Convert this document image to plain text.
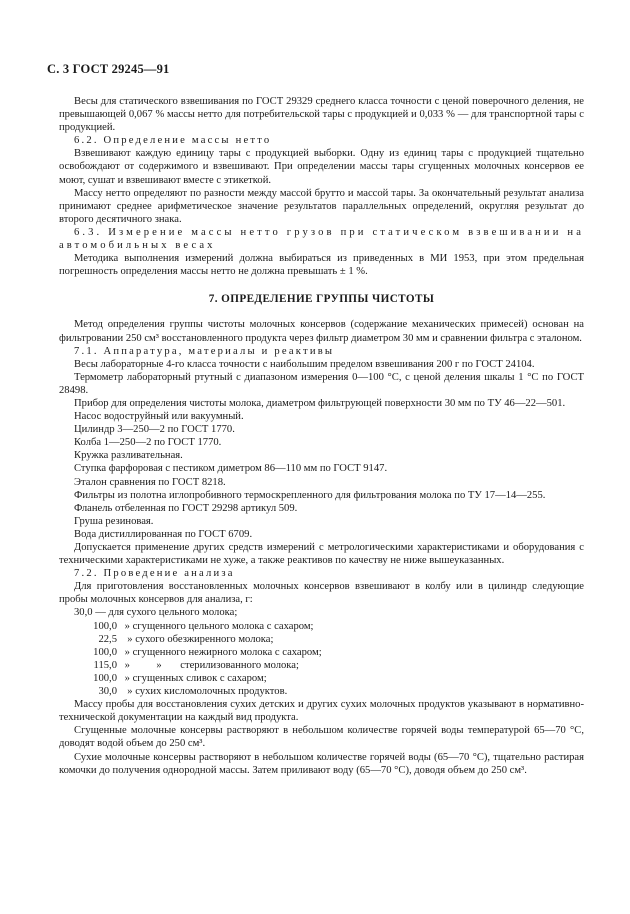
С. 3 ГОСТ 29245—91

Весы для статического взвешивания по ГОСТ 29329 среднего класса точности с ценой поверочного деления, не превышающей 0,067 % массы нетто для потребительской тары с продукцией и 0,033 % — для транспортной тары с продукцией.

6.2. Определение массы нетто

Взвешивают каждую единицу тары с продукцией выборки. Одну из единиц тары с продукцией тщательно освобождают от содержимого и взвешивают. При определении массы тары сгущенных молочных консервов ее моют, сушат и взвешивают вместе с этикеткой.

Массу нетто определяют по разности между массой брутто и массой тары. За окончательный результат анализа принимают среднее арифметическое значение результатов параллельных определений, округляя результат до второго десятичного знака.

6.3. Измерение массы нетто грузов при статическом взвешивании на автомобильных весах

Методика выполнения измерений должна выбираться из приведенных в МИ 1953, при этом предельная погрешность определения массы нетто не должна превышать ± 1 %.

7. ОПРЕДЕЛЕНИЕ ГРУППЫ ЧИСТОТЫ

Метод определения группы чистоты молочных консервов (содержание механических примесей) основан на фильтровании 250 см³ восстановленного продукта через фильтр диаметром 30 мм и сравнении фильтра с эталоном.

7.1. Аппаратура, материалы и реактивы

Весы лабораторные 4-го класса точности с наибольшим пределом взвешивания 200 г по ГОСТ 24104.

Термометр лабораторный ртутный с диапазоном измерения 0—100 °С, с ценой деления шкалы 1 °С по ГОСТ 28498.

Прибор для определения чистоты молока, диаметром фильтрующей поверхности 30 мм по ТУ 46—22—501.

Насос водоструйный или вакуумный.

Цилиндр 3—250—2 по ГОСТ 1770.

Колба 1—250—2 по ГОСТ 1770.

Кружка разливательная.

Ступка фарфоровая с пестиком диметром 86—110 мм по ГОСТ 9147.

Эталон сравнения по ГОСТ 8218.

Фильтры из полотна иглопробивного термоскрепленного для фильтрования молока по ТУ 17—14—255.

Фланель отбеленная по ГОСТ 29298 артикул 509.

Груша резиновая.

Вода дистиллированная по ГОСТ 6709.

Допускается применение других средств измерений с метрологическими характеристиками и оборудования с техническими характеристиками не хуже, а также реактивов по качеству не ниже вышеуказанных.

7.2. Проведение анализа

Для приготовления восстановленных молочных консервов взвешивают в колбу или в цилиндр следующие пробы молочных консервов для анализа, г:

30,0 — для сухого цельного молока;
100,0 » сгущенного цельного молока с сахаром;
22,5 » сухого обезжиренного молока;
100,0 » сгущенного нежирного молока с сахаром;
115,0 »          »       стерилизованного молока;
100,0 » сгущенных сливок с сахаром;
30,0 » сухих кисломолочных продуктов.

Массу пробы для восстановления сухих детских и других сухих молочных продуктов указывают в нормативно-технической документации на каждый вид продукта.

Сгущенные молочные консервы растворяют в небольшом количестве горячей воды температурой 65—70 °С, доводят водой объем до 250 см³.

Сухие молочные консервы растворяют в небольшом количестве горячей воды (65—70 °С), тщательно растирая комочки до получения однородной массы. Затем приливают воду (65—70 °С), доводя объем до 250 см³.
